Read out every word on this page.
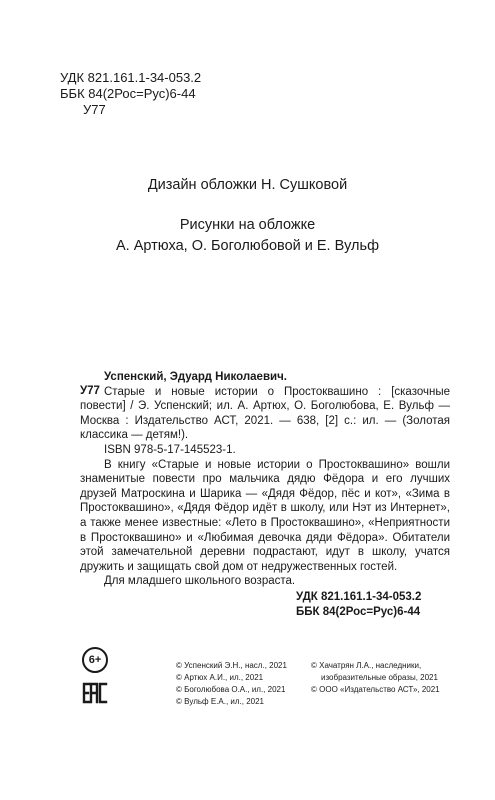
УДК 821.161.1-34-053.2
ББК 84(2Рос=Рус)6-44
У77
Дизайн обложки Н. Сушковой
Рисунки на обложке
А. Артюха, О. Боголюбовой и Е. Вульф
Успенский, Эдуард Николаевич.
У77 Старые и новые истории о Простоквашино : [сказочные повести] / Э. Успенский; ил. А. Артюх, О. Боголюбова, Е. Вульф — Москва : Издательство АСТ, 2021. — 638, [2] с.: ил. — (Золотая классика — детям!).

ISBN 978-5-17-145523-1.

В книгу «Старые и новые истории о Простоквашино» вошли знаменитые повести про мальчика дядю Фёдора и его лучших друзей Матроскина и Шарика — «Дядя Фёдор, пёс и кот», «Зима в Простоквашино», «Дядя Фёдор идёт в школу, или Нэт из Интернет», а также менее известные: «Лето в Простоквашино», «Неприятности в Простоквашино» и «Любимая девочка дяди Фёдора». Обитатели этой замечательной деревни подрастают, идут в школу, учатся дружить и защищать свой дом от недружественных гостей.

Для младшего школьного возраста.

УДК 821.161.1-34-053.2
ББК 84(2Рос=Рус)6-44
6+	© Успенский Э.Н., насл., 2021
© Артюх А.И., ил., 2021
© Боголюбова О.А., ил., 2021
© Вульф Е.А., ил., 2021
© Хачатрян Л.А., наследники,
изобразительные образы, 2021
© ООО «Издательство АСТ», 2021
